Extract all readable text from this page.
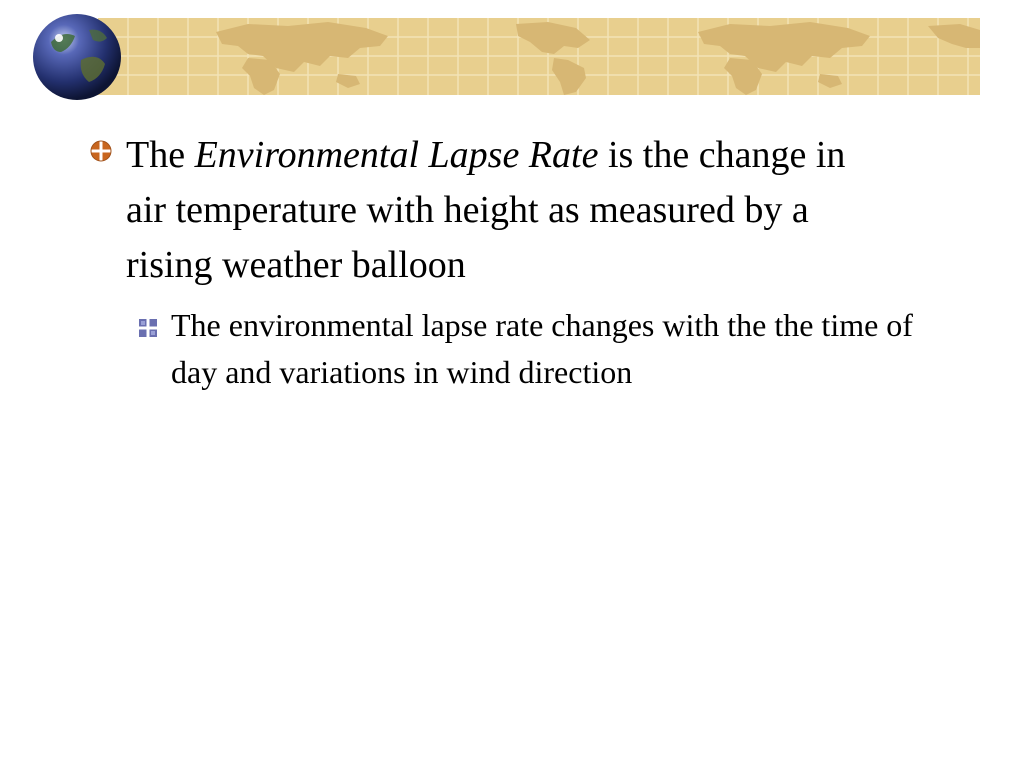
The Environmental Lapse Rate is the change in air temperature with height as measured by a rising weather balloon
The environmental lapse rate changes with the the time of day and variations in wind direction
